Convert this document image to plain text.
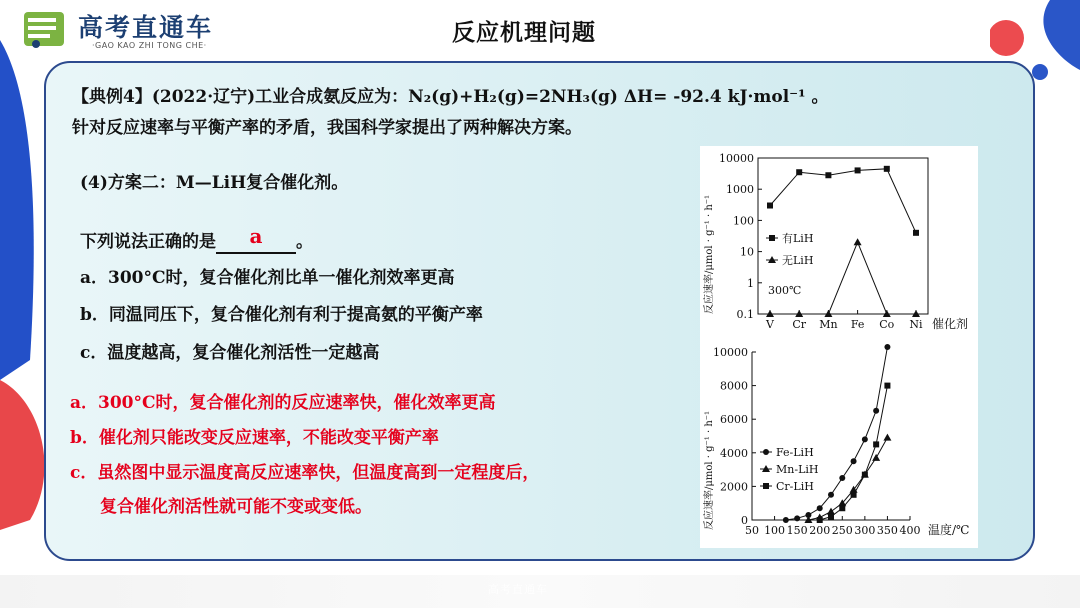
高考直通车
·GAO KAO ZHI TONG CHE·	反应机理问题
【典例4】(2022·辽宁)工业合成氨反应为：N₂(g)+H₂(g)=2NH₃(g) ΔH= -92.4 kJ·mol⁻¹ 。
针对反应速率与平衡产率的矛盾，我国科学家提出了两种解决方案。
(4)方案二：M—LiH复合催化剂。
下列说法正确的是	a	。
a．300°C时，复合催化剂比单一催化剂效率更高
b．同温同压下，复合催化剂有利于提高氨的平衡产率
c．温度越高，复合催化剂活性一定越高
a．300°C时，复合催化剂的反应速率快，催化效率更高
b．催化剂只能改变反应速率，不能改变平衡产率
c．虽然图中显示温度高反应速率快，但温度高到一定程度后，
复合催化剂活性就可能不变或变低。
0.1
1
10
100
1000
10000
V Cr Mn Fe Co Ni 催化剂
反应速率/μmol · g⁻¹ · h⁻¹	有LiH
无LiH
300℃
0
2000
4000
6000
8000
10000
50 100 150 200 250 300 350 400 温度/℃
反应速率/μmol · g⁻¹ · h⁻¹	Fe-LiH
Mn-LiH
Cr-LiH
高考直通车
